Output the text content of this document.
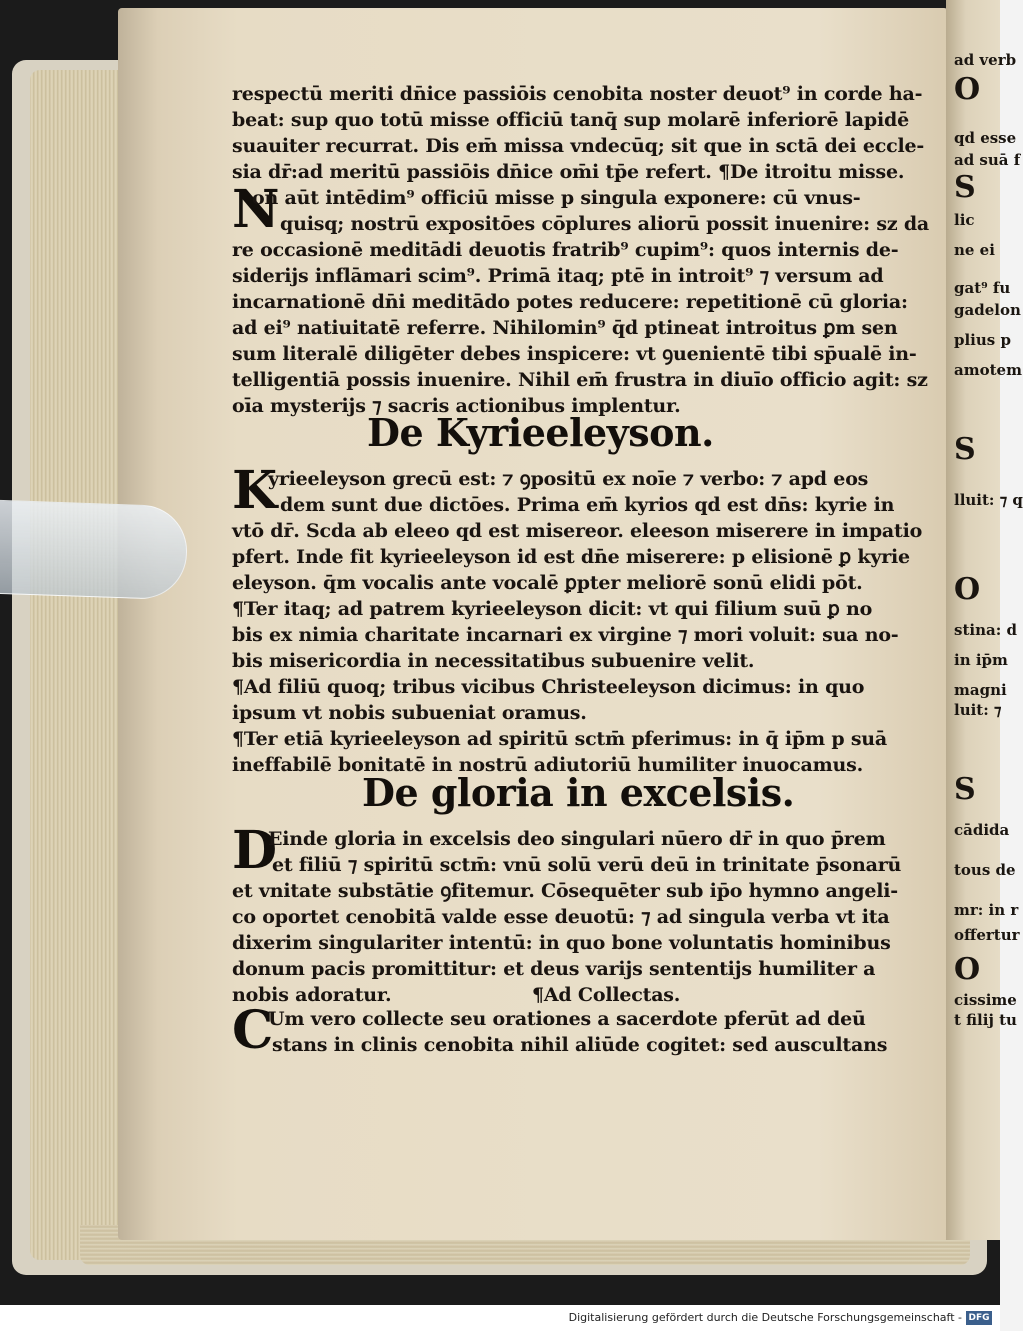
ad verb
O
qd esse
ad suā f
S
lic
ne ei
gat⁹ fu
gadelon
plius p
amotem
S
lluit: ⁊ q
O
stina: d
in ip̄m
magni
luit: ⁊
S
cādida
tous de
mr: in r
offertur
O
cissime
t filij tu
respectū meriti dn̄ice passiōis cenobita noster deuot⁹ in corde ha-
beat: sup quo totū misse officiū tanq̄ sup molarē inferiorē lapidē
suauiter recurrat. Dis em̄ missa vndecūq; sit que in sctā dei eccle-
sia dr̄:ad meritū passiōis dn̄ice om̄i tp̄e refert. ¶De itroitu misse.
N
on aūt intēdim⁹ officiū misse p singula exponere: cū vnus-
quisq; nostrū expositōes cōplures aliorū possit inuenire: sz da
re occasionē meditādi deuotis fratrib⁹ cupim⁹: quos internis de-
siderijs inflāmari scim⁹. Primā itaq; ptē in introit⁹ ⁊ versum ad
incarnationē dn̄i meditādo potes reducere: repetitionē cū gloria:
ad ei⁹ natiuitatē referre. Nihilomin⁹ q̄d ptineat introitus ꝑm sen
sum literalē diligēter debes inspicere: vt ꝯuenientē tibi sp̄ualē in-
telligentiā possis inuenire. Nihil em̄ frustra in diuīo officio agit: sz
oīa mysterijs ⁊ sacris actionibus implentur.
De Kyrieeleyson.
K
yrieeleyson grecū est: ⁊ ꝯpositū ex noīe ⁊ verbo: ⁊ apd eos
dem sunt due dictōes. Prima em̄ kyrios qd est dn̄s: kyrie in
vtō dr̄. Scda ab eleeo qd est misereor. eleeson miserere in impatio
pfert. Inde fit kyrieeleyson id est dn̄e miserere: p elisionē ꝑ kyrie
eleyson. q̄m vocalis ante vocalē ꝑpter meliorē sonū elidi pōt.
¶Ter itaq; ad patrem kyrieeleyson dicit: vt qui filium suū ꝑ no
bis ex nimia charitate incarnari ex virgine ⁊ mori voluit: sua no-
bis misericordia in necessitatibus subuenire velit.
¶Ad filiū quoq; tribus vicibus Christeeleyson dicimus: in quo
ipsum vt nobis subueniat oramus.
¶Ter etiā kyrieeleyson ad spiritū sctm̄ pferimus: in q̄ ip̄m p suā
ineffabilē bonitatē in nostrū adiutoriū humiliter inuocamus.
De gloria in excelsis.
D
Einde gloria in excelsis deo singulari nūero dr̄ in quo p̄rem
et filiū ⁊ spiritū sctm̄: vnū solū verū deū in trinitate p̄sonarū
et vnitate substātie ꝯfitemur. Cōsequēter sub ip̄o hymno angeli-
co oportet cenobitā valde esse deuotū: ⁊ ad singula verba vt ita
dixerim singulariter intentū: in quo bone voluntatis hominibus
donum pacis promittitur: et deus varijs sententijs humiliter a
nobis adoratur.	¶Ad Collectas.
C
Um vero collecte seu orationes a sacerdote pferūt ad deū
stans in clinis cenobita nihil aliūde cogitet: sed auscultans
Digitalisierung gefördert durch die Deutsche Forschungsgemeinschaft - DFG
